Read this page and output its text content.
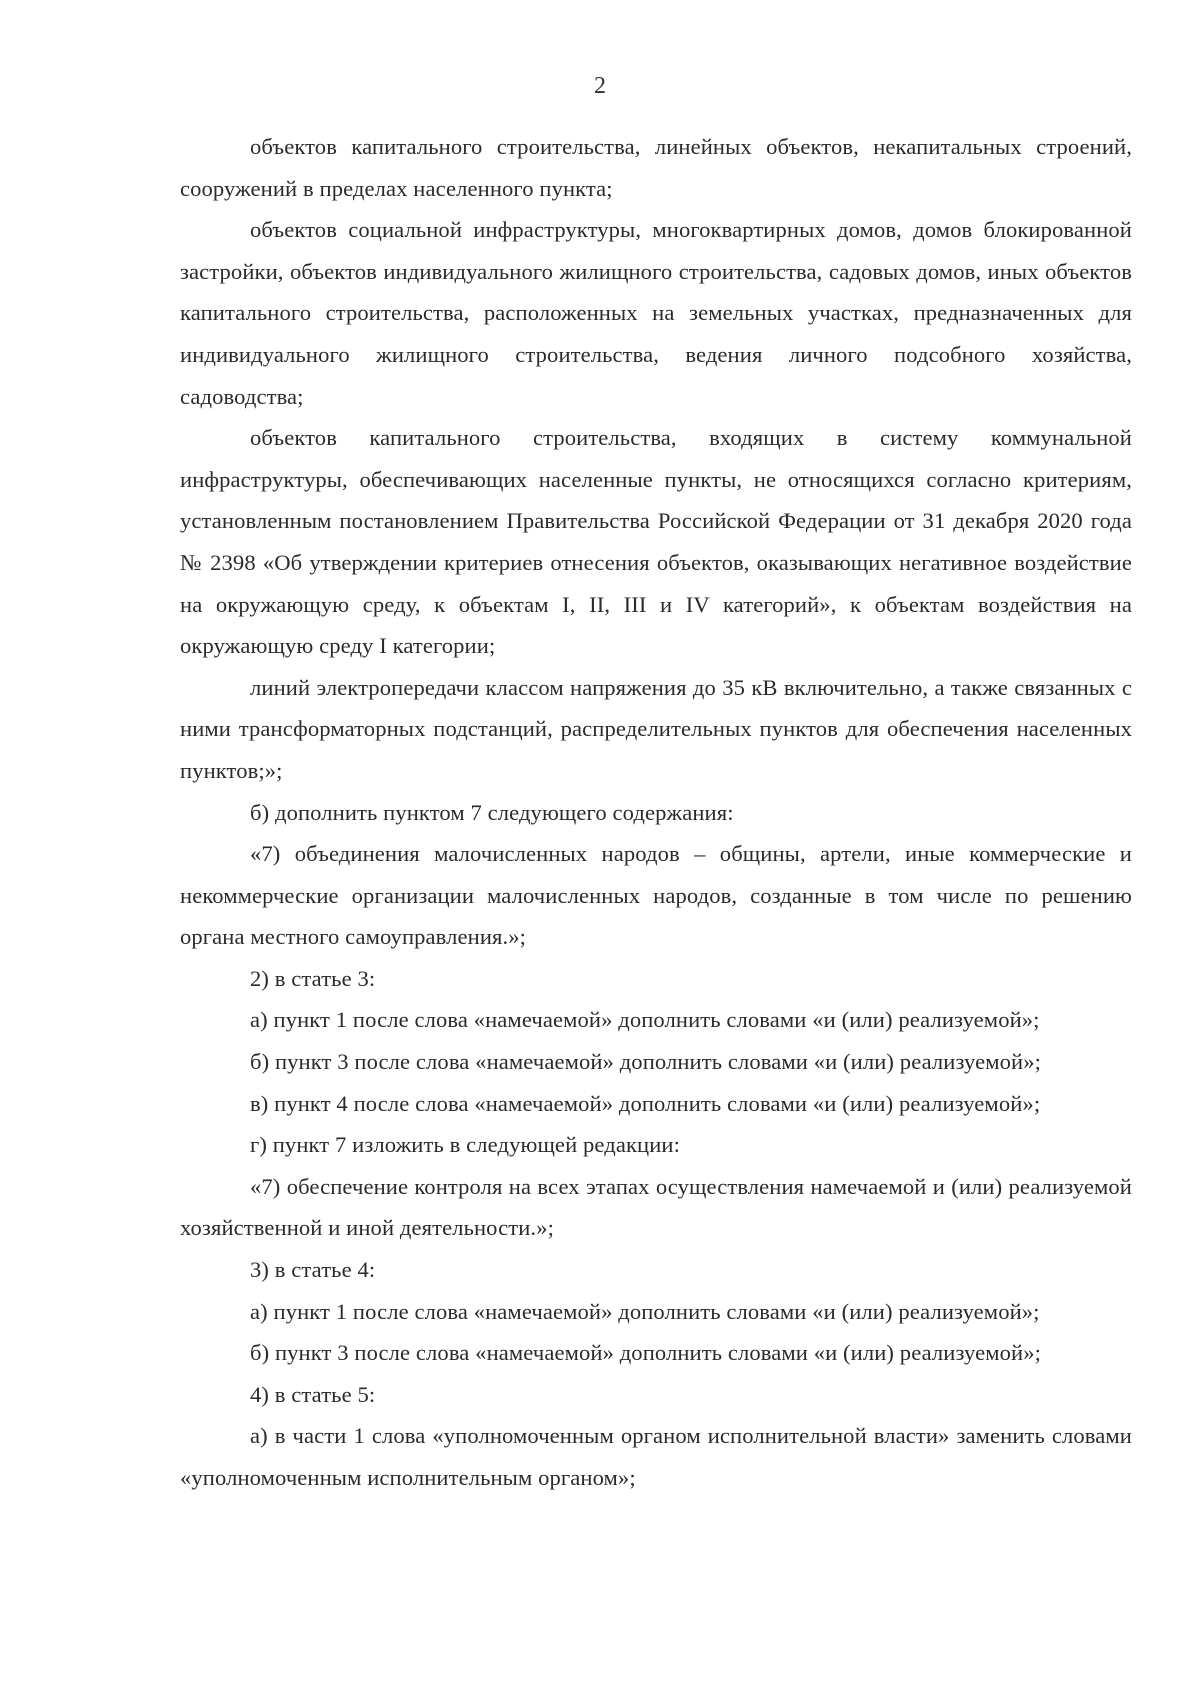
2

объектов капитального строительства, линейных объектов, некапитальных строений, сооружений в пределах населенного пункта;

объектов социальной инфраструктуры, многоквартирных домов, домов блокированной застройки, объектов индивидуального жилищного строительства, садовых домов, иных объектов капитального строительства, расположенных на земельных участках, предназначенных для индивидуального жилищного строительства, ведения личного подсобного хозяйства, садоводства;

объектов капитального строительства, входящих в систему коммунальной инфраструктуры, обеспечивающих населенные пункты, не относящихся согласно критериям, установленным постановлением Правительства Российской Федерации от 31 декабря 2020 года № 2398 «Об утверждении критериев отнесения объектов, оказывающих негативное воздействие на окружающую среду, к объектам I, II, III и IV категорий», к объектам воздействия на окружающую среду I категории;

линий электропередачи классом напряжения до 35 кВ включительно, а также связанных с ними трансформаторных подстанций, распределительных пунктов для обеспечения населенных пунктов;»;

б) дополнить пунктом 7 следующего содержания:

«7) объединения малочисленных народов – общины, артели, иные коммерческие и некоммерческие организации малочисленных народов, созданные в том числе по решению органа местного самоуправления.»;

2) в статье 3:

а) пункт 1 после слова «намечаемой» дополнить словами «и (или) реализуемой»;

б) пункт 3 после слова «намечаемой» дополнить словами «и (или) реализуемой»;

в) пункт 4 после слова «намечаемой» дополнить словами «и (или) реализуемой»;

г) пункт 7 изложить в следующей редакции:

«7) обеспечение контроля на всех этапах осуществления намечаемой и (или) реализуемой хозяйственной и иной деятельности.»;

3) в статье 4:

а) пункт 1 после слова «намечаемой» дополнить словами «и (или) реализуемой»;

б) пункт 3 после слова «намечаемой» дополнить словами «и (или) реализуемой»;

4) в статье 5:

а) в части 1 слова «уполномоченным органом исполнительной власти» заменить словами «уполномоченным исполнительным органом»;
